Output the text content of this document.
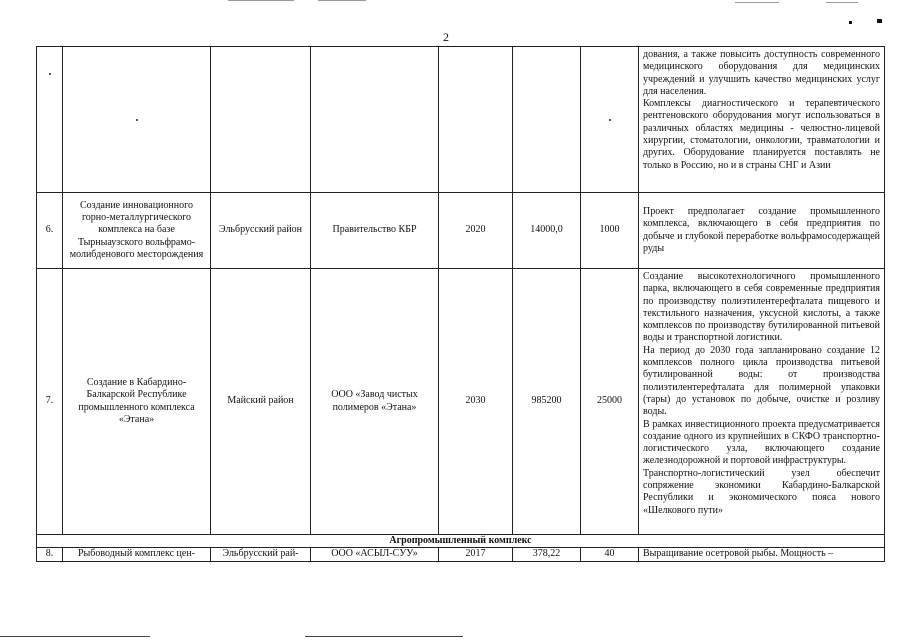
2

							дования, а также повысить доступность современного медицинского оборудования для медицинских учреждений и улучшить качество медицинских услуг для населения.

Комплексы диагностического и терапевтического рентгеновского оборудования могут использоваться в различных областях медицины - челюстно-лицевой хирургии, стоматологии, онкологии, травматологии и других. Оборудование планируется поставлять не только в Россию, но и в страны СНГ и Азии

6.	Создание инновационного горно-металлургического комплекса на базе Тырныаузского вольфрамо-молибденового месторождения	Эльбрусский район	Правительство КБР	2020	14000,0	1000	Проект предполагает создание промышленного комплекса, включающего в себя предприятия по добыче и глубокой переработке вольфрамосодержащей руды

7.	Создание в Кабардино- Балкарской Республике промышленного комплекса «Этана»	Майский район	ООО «Завод чистых полимеров «Этана»	2030	985200	25000	Создание высокотехнологичного промышленного парка, включающего в себя современные предприятия по производству полиэтилентерефталата пищевого и текстильного назначения, уксусной кислоты, а также комплексов по производству бутилированной питьевой воды и транспортной логистики.

На период до 2030 года запланировано создание 12 комплексов полного цикла производства питьевой бутилированной воды: от производства полиэтилентерефталата для полимерной упаковки (тары) до установок по добыче, очистке и розливу воды.

В рамках инвестиционного проекта предусматривается создание одного из крупнейших в СКФО транспортно-логистического узла, включающего создание железнодорожной и портовой инфраструктуры.

Транспортно-логистический узел обеспечит сопряжение экономики Кабардино-Балкарской Республики и экономического пояса нового «Шелкового пути»

Агропромышленный комплекс							
8.	Рыбоводный комплекс цен-	Эльбрусский рай-	ООО «АСЫЛ-СУУ»	2017	378,22	40	Выращивание осетровой рыбы. Мощность –
